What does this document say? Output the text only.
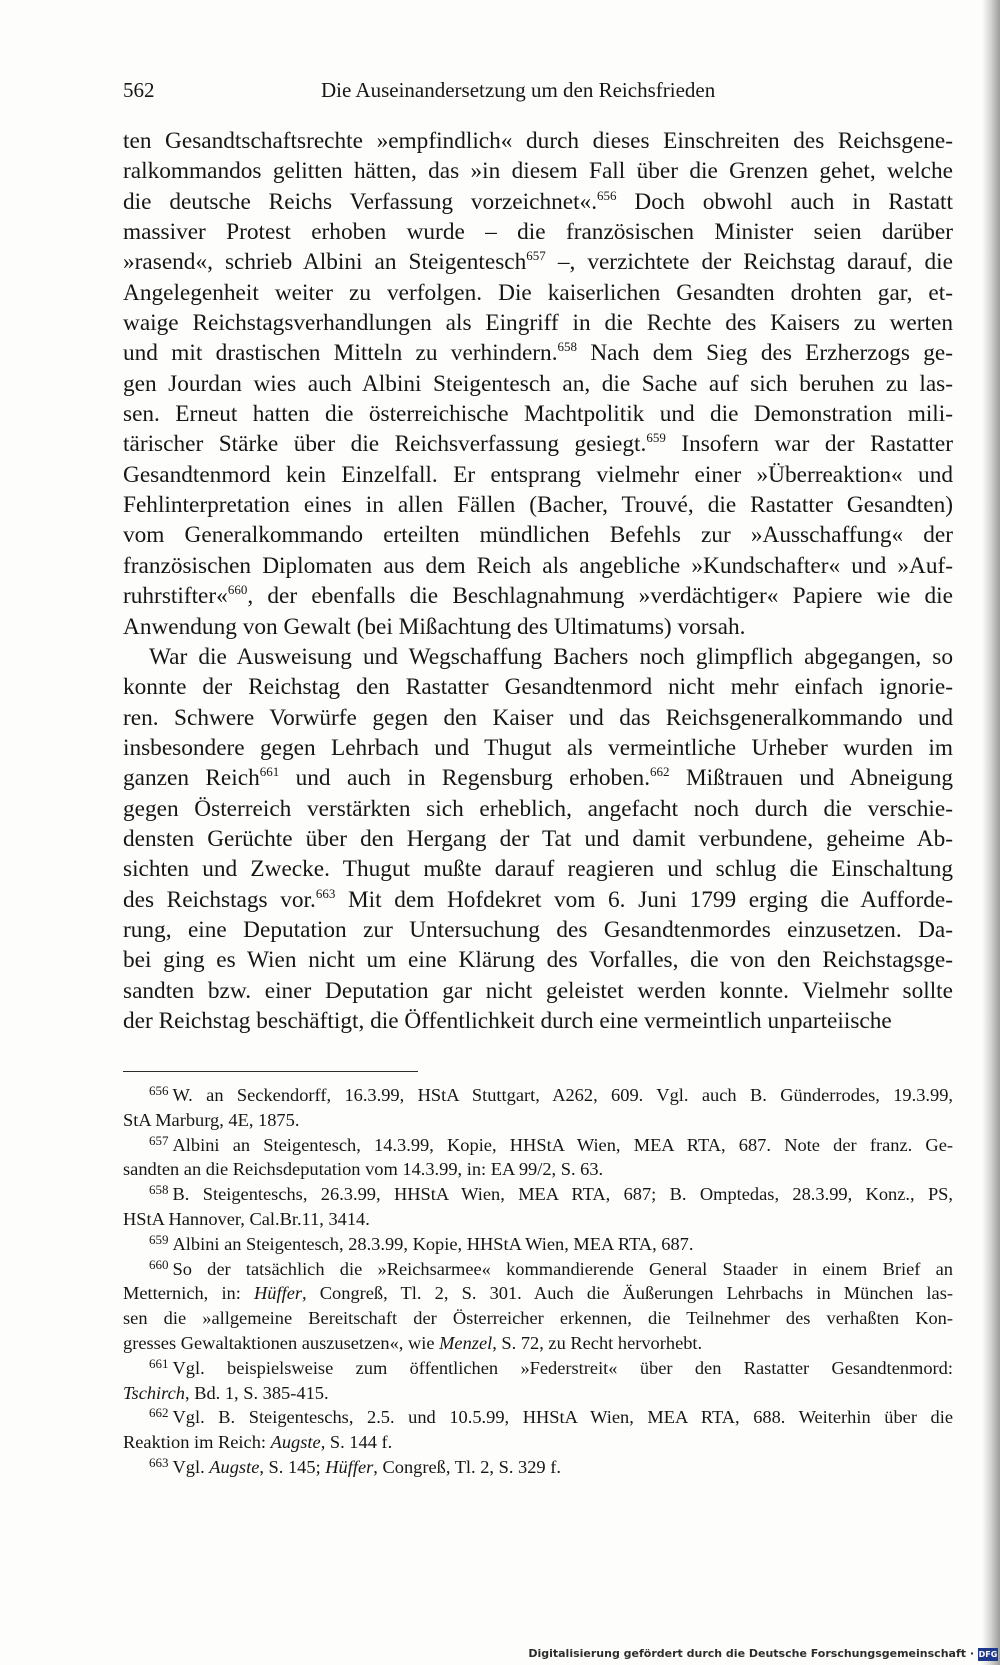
562	Die Auseinandersetzung um den Reichsfrieden
ten Gesandtschaftsrechte »empfindlich« durch dieses Einschreiten des Reichsgene-
ralkommandos gelitten hätten, das »in diesem Fall über die Grenzen gehet, welche
die deutsche Reichs Verfassung vorzeichnet«.$^{656}$ Doch obwohl auch in Rastatt
massiver Protest erhoben wurde – die französischen Minister seien darüber
»rasend«, schrieb Albini an Steigentesch$^{657}$ –, verzichtete der Reichstag darauf, die
Angelegenheit weiter zu verfolgen. Die kaiserlichen Gesandten drohten gar, et-
waige Reichstagsverhandlungen als Eingriff in die Rechte des Kaisers zu werten
und mit drastischen Mitteln zu verhindern.$^{658}$ Nach dem Sieg des Erzherzogs ge-
gen Jourdan wies auch Albini Steigentesch an, die Sache auf sich beruhen zu las-
sen. Erneut hatten die österreichische Machtpolitik und die Demonstration mili-
tärischer Stärke über die Reichsverfassung gesiegt.$^{659}$ Insofern war der Rastatter
Gesandtenmord kein Einzelfall. Er entsprang vielmehr einer »Überreaktion« und
Fehlinterpretation eines in allen Fällen (Bacher, Trouvé, die Rastatter Gesandten)
vom Generalkommando erteilten mündlichen Befehls zur »Ausschaffung« der
französischen Diplomaten aus dem Reich als angebliche »Kundschafter« und »Auf-
ruhrstifter«$^{660}$, der ebenfalls die Beschlagnahmung »verdächtiger« Papiere wie die
Anwendung von Gewalt (bei Mißachtung des Ultimatums) vorsah.
War die Ausweisung und Wegschaffung Bachers noch glimpflich abgegangen, so
konnte der Reichstag den Rastatter Gesandtenmord nicht mehr einfach ignorie-
ren. Schwere Vorwürfe gegen den Kaiser und das Reichsgeneralkommando und
insbesondere gegen Lehrbach und Thugut als vermeintliche Urheber wurden im
ganzen Reich$^{661}$ und auch in Regensburg erhoben.$^{662}$ Mißtrauen und Abneigung
gegen Österreich verstärkten sich erheblich, angefacht noch durch die verschie-
densten Gerüchte über den Hergang der Tat und damit verbundene, geheime Ab-
sichten und Zwecke. Thugut mußte darauf reagieren und schlug die Einschaltung
des Reichstags vor.$^{663}$ Mit dem Hofdekret vom 6. Juni 1799 erging die Aufforde-
rung, eine Deputation zur Untersuchung des Gesandtenmordes einzusetzen. Da-
bei ging es Wien nicht um eine Klärung des Vorfalles, die von den Reichstagsge-
sandten bzw. einer Deputation gar nicht geleistet werden konnte. Vielmehr sollte
der Reichstag beschäftigt, die Öffentlichkeit durch eine vermeintlich unparteiische
$^{656}$ W. an Seckendorff, 16.3.99, HStA Stuttgart, A262, 609. Vgl. auch B. Günderrodes, 19.3.99,
StA Marburg, 4E, 1875.
$^{657}$ Albini an Steigentesch, 14.3.99, Kopie, HHStA Wien, MEA RTA, 687. Note der franz. Ge-
sandten an die Reichsdeputation vom 14.3.99, in: EA 99/2, S. 63.
$^{658}$ B. Steigenteschs, 26.3.99, HHStA Wien, MEA RTA, 687; B. Omptedas, 28.3.99, Konz., PS,
HStA Hannover, Cal.Br.11, 3414.
$^{659}$ Albini an Steigentesch, 28.3.99, Kopie, HHStA Wien, MEA RTA, 687.
$^{660}$ So der tatsächlich die »Reichsarmee« kommandierende General Staader in einem Brief an
Metternich, in: Hüffer, Congreß, Tl. 2, S. 301. Auch die Äußerungen Lehrbachs in München las-
sen die »allgemeine Bereitschaft der Österreicher erkennen, die Teilnehmer des verhaßten Kon-
gresses Gewaltaktionen auszusetzen«, wie Menzel, S. 72, zu Recht hervorhebt.
$^{661}$ Vgl. beispielsweise zum öffentlichen »Federstreit« über den Rastatter Gesandtenmord:
Tschirch, Bd. 1, S. 385-415.
$^{662}$ Vgl. B. Steigenteschs, 2.5. und 10.5.99, HHStA Wien, MEA RTA, 688. Weiterhin über die
Reaktion im Reich: Augste, S. 144 f.
$^{663}$ Vgl. Augste, S. 145; Hüffer, Congreß, Tl. 2, S. 329 f.
Digitalisierung gefördert durch die Deutsche Forschungsgemeinschaft · DFG
